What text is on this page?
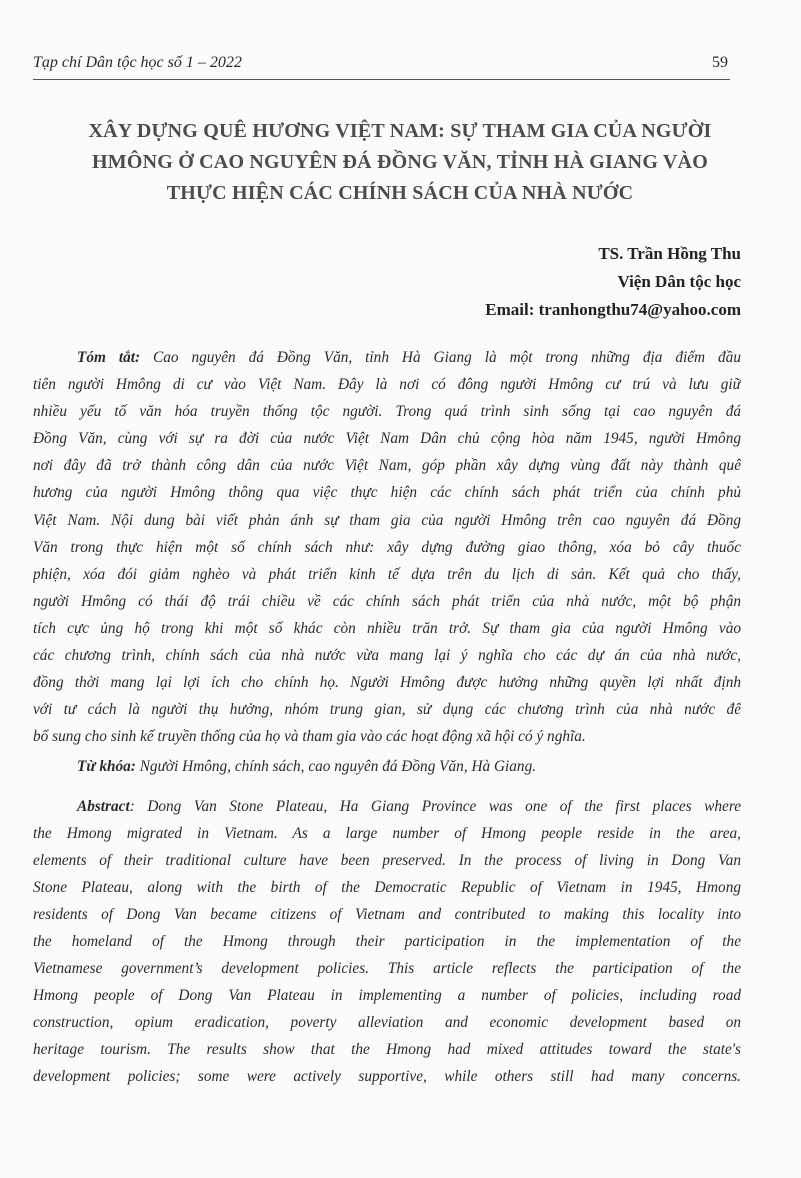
Tạp chí Dân tộc học số 1 – 2022	59
XÂY DỰNG QUÊ HƯƠNG VIỆT NAM: SỰ THAM GIA CỦA NGƯỜI
HMÔNG Ở CAO NGUYÊN ĐÁ ĐỒNG VĂN, TỈNH HÀ GIANG VÀO
THỰC HIỆN CÁC CHÍNH SÁCH CỦA NHÀ NƯỚC
TS. Trần Hồng Thu
Viện Dân tộc học
Email: tranhongthu74@yahoo.com
Tóm tắt: Cao nguyên đá Đồng Văn, tỉnh Hà Giang là một trong những địa điểm đầu
tiên người Hmông di cư vào Việt Nam. Đây là nơi có đông người Hmông cư trú và lưu giữ
nhiều yếu tố văn hóa truyền thống tộc người. Trong quá trình sinh sống tại cao nguyên đá
Đồng Văn, cùng với sự ra đời của nước Việt Nam Dân chủ cộng hòa năm 1945, người Hmông
nơi đây đã trở thành công dân của nước Việt Nam, góp phần xây dựng vùng đất này thành quê
hương của người Hmông thông qua việc thực hiện các chính sách phát triển của chính phủ
Việt Nam. Nội dung bài viết phản ánh sự tham gia của người Hmông trên cao nguyên đá Đồng
Văn trong thực hiện một số chính sách như: xây dựng đường giao thông, xóa bỏ cây thuốc
phiện, xóa đói giảm nghèo và phát triển kinh tế dựa trên du lịch di sản. Kết quả cho thấy,
người Hmông có thái độ trái chiều về các chính sách phát triển của nhà nước, một bộ phận
tích cực ủng hộ trong khi một số khác còn nhiều trăn trở. Sự tham gia của người Hmông vào
các chương trình, chính sách của nhà nước vừa mang lại ý nghĩa cho các dự án của nhà nước,
đồng thời mang lại lợi ích cho chính họ. Người Hmông được hưởng những quyền lợi nhất định
với tư cách là người thụ hưởng, nhóm trung gian, sử dụng các chương trình của nhà nước để
bổ sung cho sinh kế truyền thống của họ và tham gia vào các hoạt động xã hội có ý nghĩa.
Từ khóa: Người Hmông, chính sách, cao nguyên đá Đồng Văn, Hà Giang.
Abstract: Dong Van Stone Plateau, Ha Giang Province was one of the first places where
the Hmong migrated in Vietnam. As a large number of Hmong people reside in the area,
elements of their traditional culture have been preserved. In the process of living in Dong Van
Stone Plateau, along with the birth of the Democratic Republic of Vietnam in 1945, Hmong
residents of Dong Van became citizens of Vietnam and contributed to making this locality into
the homeland of the Hmong through their participation in the implementation of the
Vietnamese government’s development policies. This article reflects the participation of the
Hmong people of Dong Van Plateau in implementing a number of policies, including road
construction, opium eradication, poverty alleviation and economic development based on
heritage tourism. The results show that the Hmong had mixed attitudes toward the state's
development policies; some were actively supportive, while others still had many concerns.
